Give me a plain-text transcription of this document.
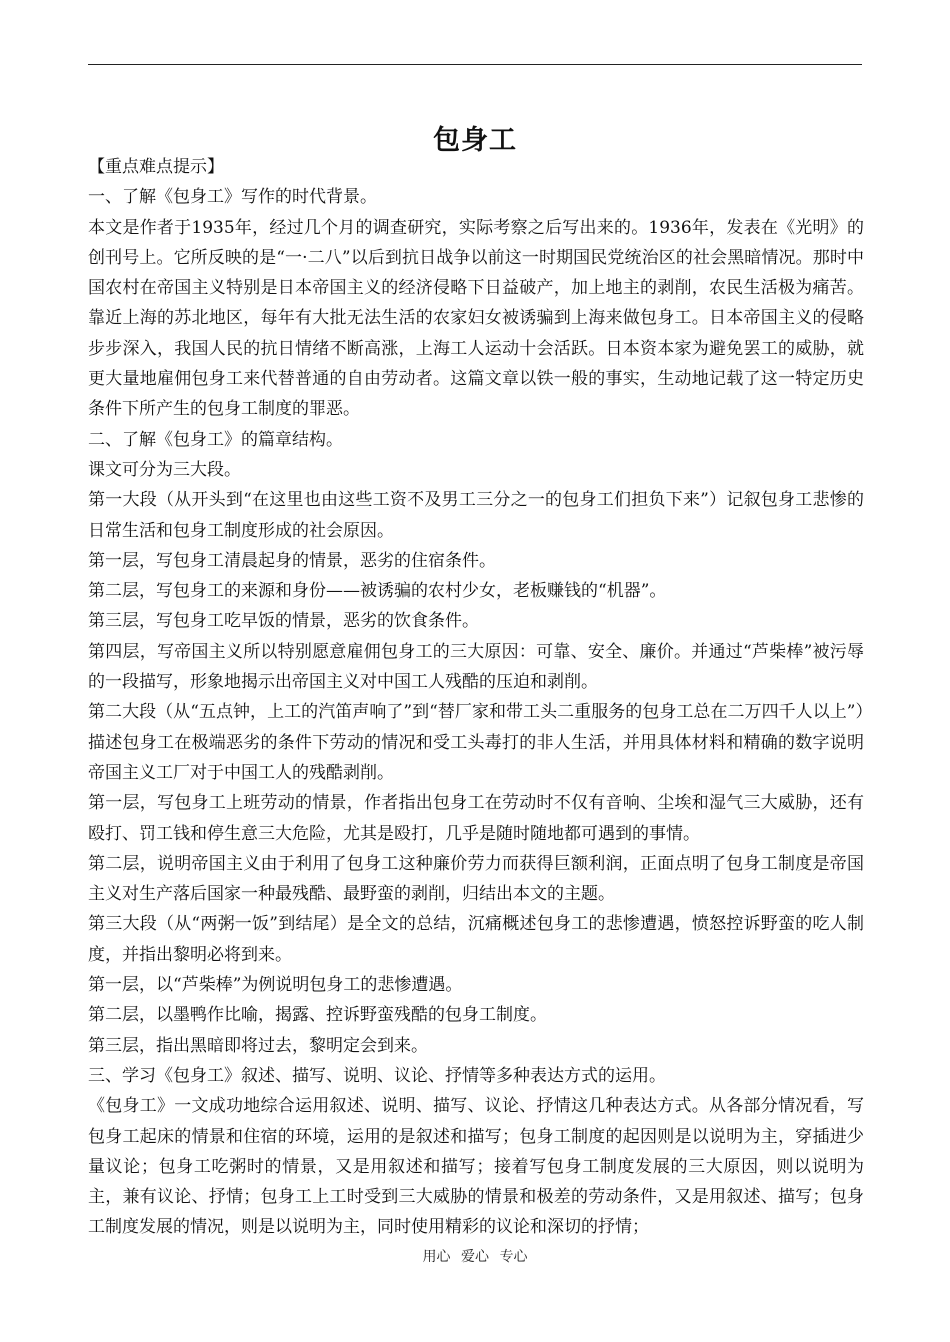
包身工

【重点难点提示】

一、了解《包身工》写作的时代背景。

本文是作者于1935年，经过几个月的调查研究，实际考察之后写出来的。1936年，发表在《光明》的创刊号上。它所反映的是“一·二八”以后到抗日战争以前这一时期国民党统治区的社会黑暗情况。那时中国农村在帝国主义特别是日本帝国主义的经济侵略下日益破产，加上地主的剥削，农民生活极为痛苦。靠近上海的苏北地区，每年有大批无法生活的农家妇女被诱骗到上海来做包身工。日本帝国主义的侵略步步深入，我国人民的抗日情绪不断高涨，上海工人运动十会活跃。日本资本家为避免罢工的威胁，就更大量地雇佣包身工来代替普通的自由劳动者。这篇文章以铁一般的事实，生动地记载了这一特定历史条件下所产生的包身工制度的罪恶。

二、了解《包身工》的篇章结构。

课文可分为三大段。

第一大段（从开头到“在这里也由这些工资不及男工三分之一的包身工们担负下来”）记叙包身工悲惨的日常生活和包身工制度形成的社会原因。

第一层，写包身工清晨起身的情景，恶劣的住宿条件。

第二层，写包身工的来源和身份——被诱骗的农村少女，老板赚钱的“机器”。

第三层，写包身工吃早饭的情景，恶劣的饮食条件。

第四层，写帝国主义所以特别愿意雇佣包身工的三大原因：可靠、安全、廉价。并通过“芦柴棒”被污辱的一段描写，形象地揭示出帝国主义对中国工人残酷的压迫和剥削。

第二大段（从“五点钟，上工的汽笛声响了”到“替厂家和带工头二重服务的包身工总在二万四千人以上”）描述包身工在极端恶劣的条件下劳动的情况和受工头毒打的非人生活，并用具体材料和精确的数字说明帝国主义工厂对于中国工人的残酷剥削。

第一层，写包身工上班劳动的情景，作者指出包身工在劳动时不仅有音响、尘埃和湿气三大威胁，还有殴打、罚工钱和停生意三大危险，尤其是殴打，几乎是随时随地都可遇到的事情。

第二层，说明帝国主义由于利用了包身工这种廉价劳力而获得巨额利润，正面点明了包身工制度是帝国主义对生产落后国家一种最残酷、最野蛮的剥削，归结出本文的主题。

第三大段（从“两粥一饭”到结尾）是全文的总结，沉痛概述包身工的悲惨遭遇，愤怒控诉野蛮的吃人制度，并指出黎明必将到来。

第一层，以“芦柴棒”为例说明包身工的悲惨遭遇。

第二层，以墨鸭作比喻，揭露、控诉野蛮残酷的包身工制度。

第三层，指出黑暗即将过去，黎明定会到来。

三、学习《包身工》叙述、描写、说明、议论、抒情等多种表达方式的运用。

《包身工》一文成功地综合运用叙述、说明、描写、议论、抒情这几种表达方式。从各部分情况看，写包身工起床的情景和住宿的环境，运用的是叙述和描写；包身工制度的起因则是以说明为主，穿插进少量议论；包身工吃粥时的情景，又是用叙述和描写；接着写包身工制度发展的三大原因，则以说明为主，兼有议论、抒情；包身工上工时受到三大威胁的情景和极差的劳动条件，又是用叙述、描写；包身工制度发展的情况，则是以说明为主，同时使用精彩的议论和深切的抒情；

用心 爱心 专心
